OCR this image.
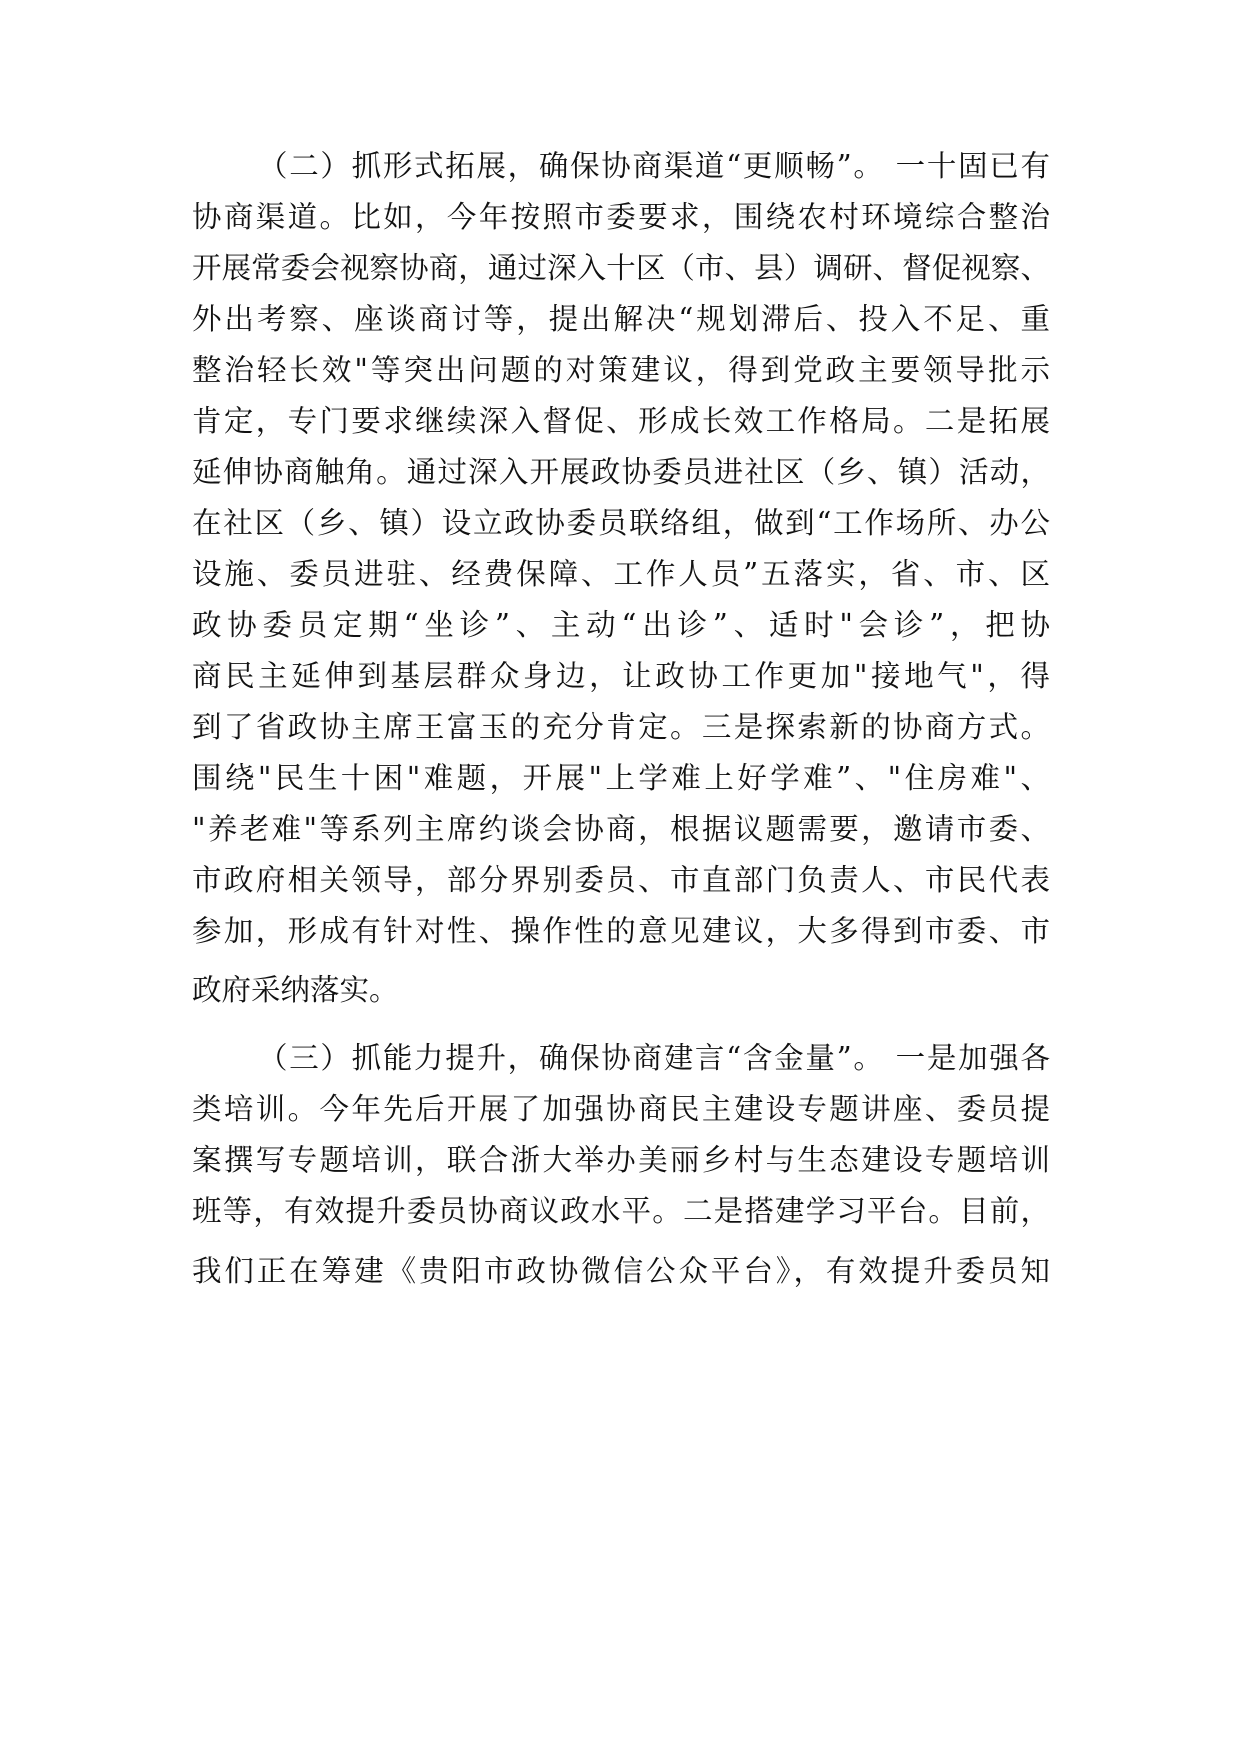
（二）抓形式拓展，确保协商渠道“更顺畅”。 一十固已有
协商渠道。比如，今年按照市委要求，围绕农村环境综合整治
开展常委会视察协商，通过深入十区（市、县）调研、督促视察、
外出考察、座谈商讨等，提出解决“规划滞后、投入不足、重
整治轻长效"等突出问题的对策建议，得到党政主要领导批示
肯定，专门要求继续深入督促、形成长效工作格局。二是拓展
延伸协商触角。通过深入开展政协委员进社区（乡、镇）活动，
在社区（乡、镇）设立政协委员联络组，做到“工作场所、办公
设施、委员进驻、经费保障、工作人员”五落实，省、市、区
政协委员定期“坐诊”、主动“出诊”、适时"会诊”，把协
商民主延伸到基层群众身边，让政协工作更加"接地气"，得
到了省政协主席王富玉的充分肯定。三是探索新的协商方式。
围绕"民生十困"难题，开展"上学难上好学难”、"住房难"、
"养老难"等系列主席约谈会协商，根据议题需要，邀请市委、
市政府相关领导，部分界别委员、市直部门负责人、市民代表
参加，形成有针对性、操作性的意见建议，大多得到市委、市
政府采纳落实。
（三）抓能力提升，确保协商建言“含金量”。 一是加强各
类培训。今年先后开展了加强协商民主建设专题讲座、委员提
案撰写专题培训，联合浙大举办美丽乡村与生态建设专题培训
班等，有效提升委员协商议政水平。二是搭建学习平台。目前，
我们正在筹建《贵阳市政协微信公众平台》，有效提升委员知
